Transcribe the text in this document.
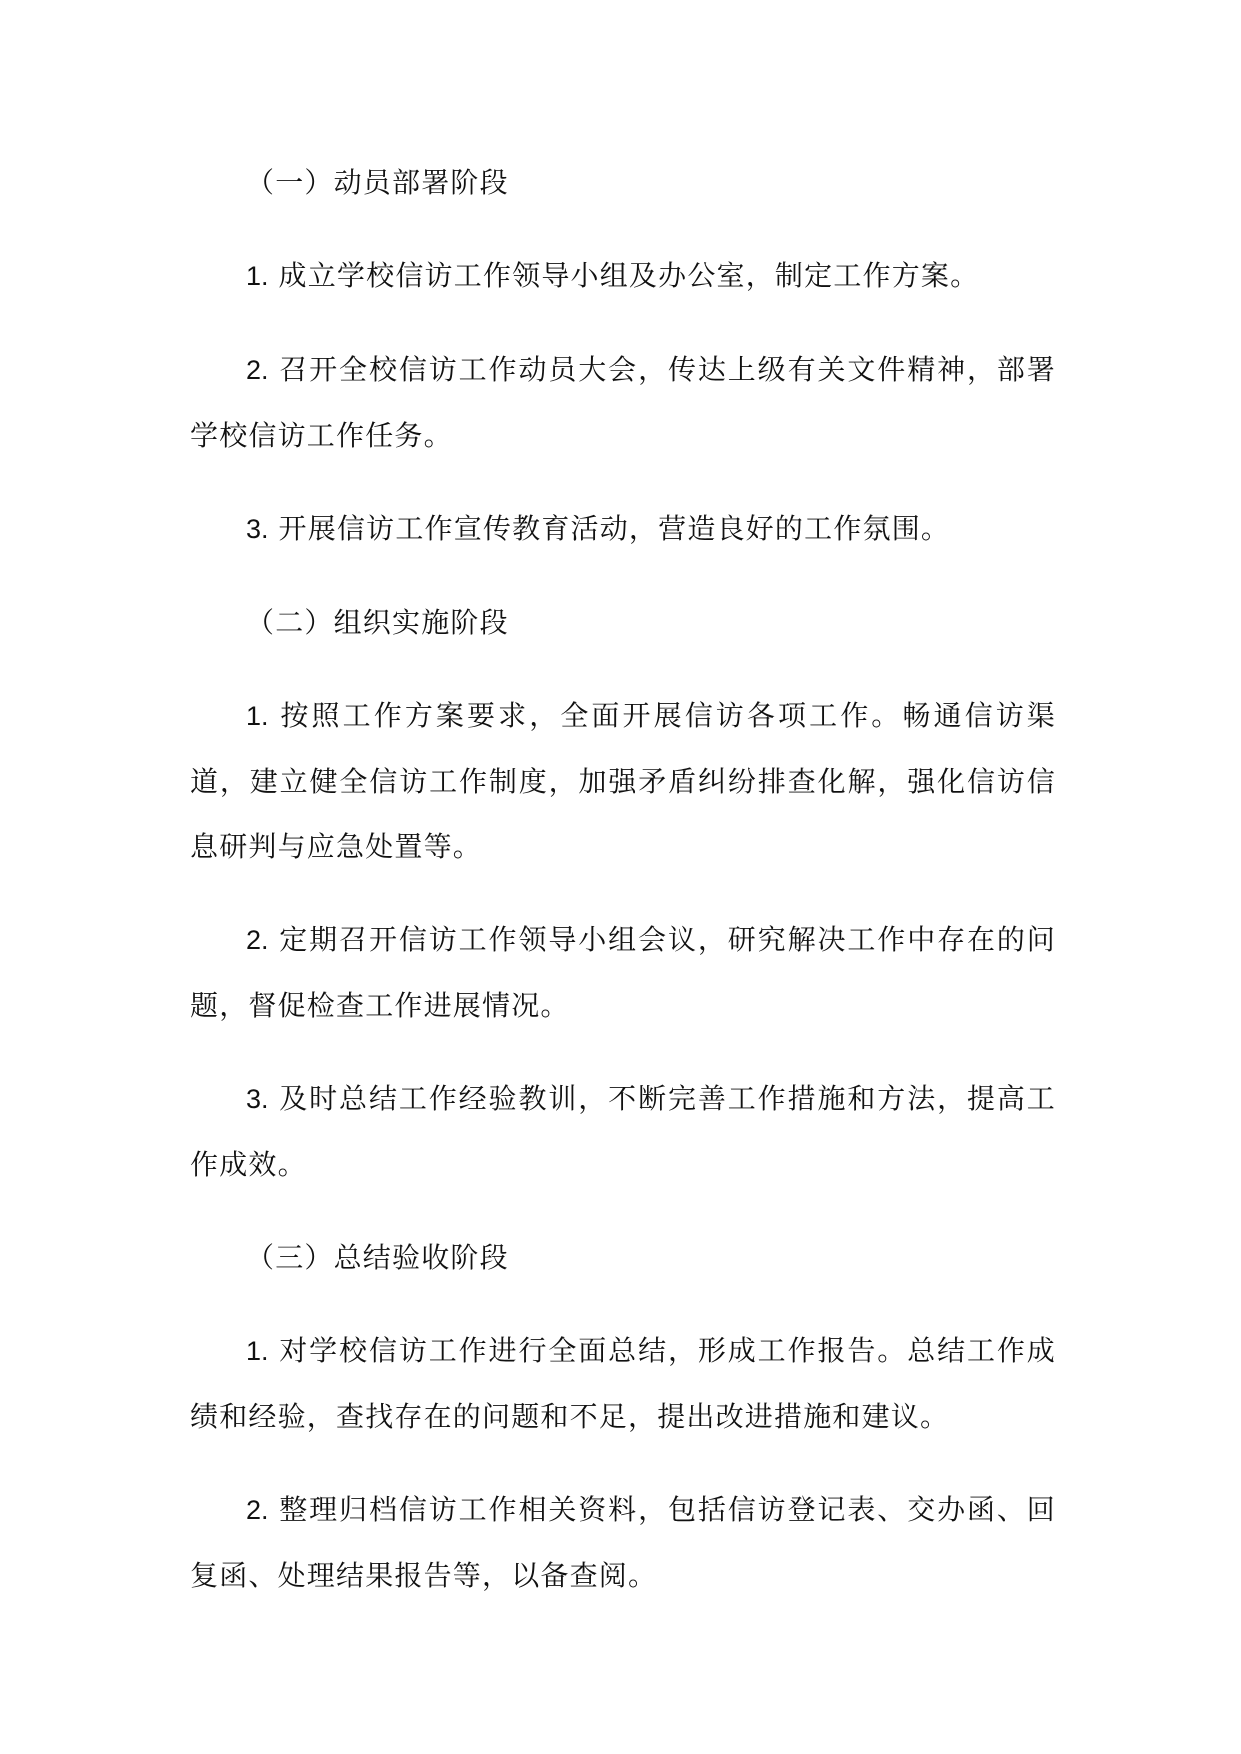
（一）动员部署阶段

1. 成立学校信访工作领导小组及办公室，制定工作方案。

2. 召开全校信访工作动员大会，传达上级有关文件精神，部署学校信访工作任务。

3. 开展信访工作宣传教育活动，营造良好的工作氛围。

（二）组织实施阶段

1. 按照工作方案要求，全面开展信访各项工作。畅通信访渠道，建立健全信访工作制度，加强矛盾纠纷排查化解，强化信访信息研判与应急处置等。

2. 定期召开信访工作领导小组会议，研究解决工作中存在的问题，督促检查工作进展情况。

3. 及时总结工作经验教训，不断完善工作措施和方法，提高工作成效。

（三）总结验收阶段

1. 对学校信访工作进行全面总结，形成工作报告。总结工作成绩和经验，查找存在的问题和不足，提出改进措施和建议。

2. 整理归档信访工作相关资料，包括信访登记表、交办函、回复函、处理结果报告等，以备查阅。
